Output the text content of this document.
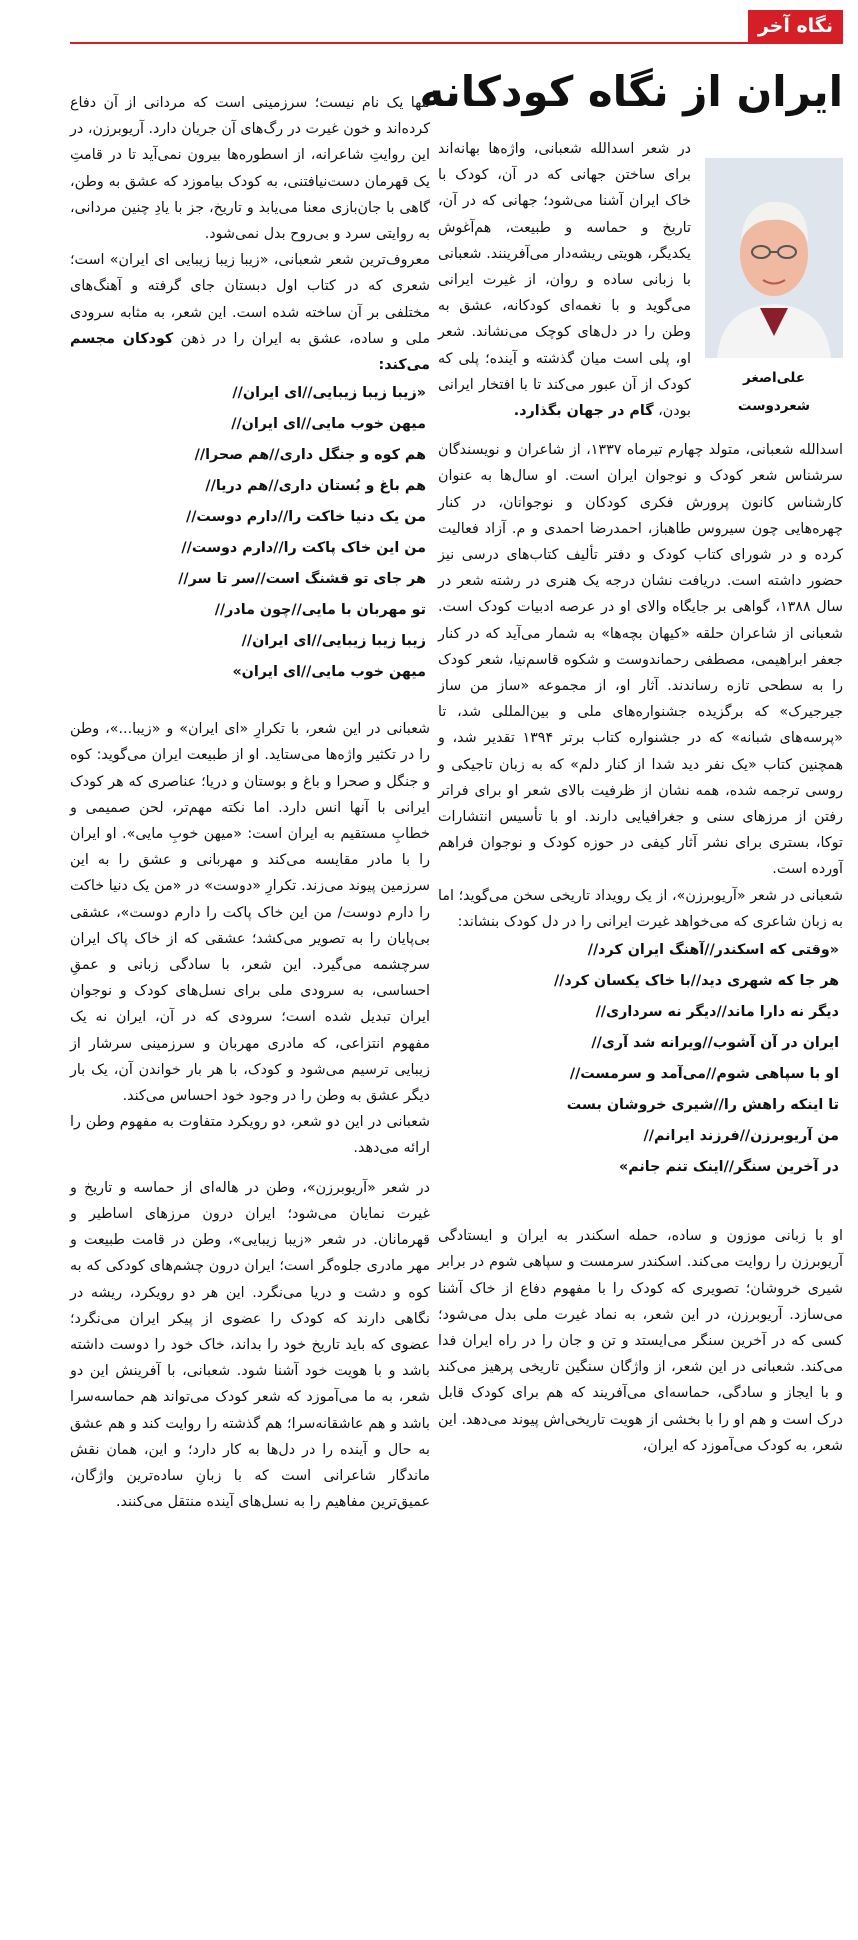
نگاه آخر
ایران از نگاه کودکانه
علی‌اصغر شعردوست

در شعر اسدالله شعبانی، واژه‌ها بهانه‌اند برای ساختن جهانی که در آن، کودک با خاک ایران آشنا می‌شود؛ جهانی که در آن، تاریخ و حماسه و طبیعت، هم‌آغوش یکدیگر، هویتی ریشه‌دار می‌آفرینند. شعبانی با زبانی ساده و روان، از غیرت ایرانی می‌گوید و با نغمه‌ای کودکانه، عشق به وطن را در دل‌های کوچک می‌نشاند. شعر او، پلی است میان گذشته و آینده؛ پلی که کودک از آن عبور می‌کند تا با افتخار ایرانی بودن، گام در جهان بگذارد.

اسدالله شعبانی، متولد چهارم تیرماه ۱۳۳۷، از شاعران و نویسندگان سرشناس شعر کودک و نوجوان ایران است. او سال‌ها به عنوان کارشناس کانون پرورش فکری کودکان و نوجوانان، در کنار چهره‌هایی چون سیروس طاهباز، احمدرضا احمدی و م. آزاد فعالیت کرده و در شورای کتاب کودک و دفتر تألیف کتاب‌های درسی نیز حضور داشته است. دریافت نشان درجه یک هنری در رشته شعر در سال ۱۳۸۸، گواهی بر جایگاه والای او در عرصه ادبیات کودک است. شعبانی از شاعران حلقه «کیهان بچه‌ها» به شمار می‌آید که در کنار جعفر ابراهیمی، مصطفی رحماندوست و شکوه قاسم‌نیا، شعر کودک را به سطحی تازه رساندند. آثار او، از مجموعه «ساز من ساز جیرجیرک» که برگزیده جشنواره‌های ملی و بین‌المللی شد، تا «پرسه‌های شبانه» که در جشنواره کتاب برتر ۱۳۹۴ تقدیر شد، و همچنین کتاب «یک نفر دید شدا از کنار دلم» که به زبان تاجیکی و روسی ترجمه شده، همه نشان از ظرفیت بالای شعر او برای فراتر رفتن از مرزهای سنی و جغرافیایی دارند. او با تأسیس انتشارات توکا، بستری برای نشر آثار کیفی در حوزه کودک و نوجوان فراهم آورده است.

شعبانی در شعر «آریوبرزن»، از یک رویداد تاریخی سخن می‌گوید؛ اما به زبان شاعری که می‌خواهد غیرت ایرانی را در دل کودک بنشاند:

«وقتی که اسکندر//آهنگ ایران کرد//
هر جا که شهری دید//با خاک یکسان کرد//
دیگر نه دارا ماند//دیگر نه سرداری//
ایران در آن آشوب//ویرانه شد آری//
او با سپاهی شوم//می‌آمد و سرمست//
تا اینکه راهش را//شیری خروشان بست
من آریوبرزن//فرزند ایرانم//
در آخرین سنگر//اینک تنم جانم»

او با زبانی موزون و ساده، حمله اسکندر به ایران و ایستادگی آریوبرزن را روایت می‌کند. اسکندر سرمست و سپاهی شوم در برابر شیری خروشان؛ تصویری که کودک را با مفهوم دفاع از خاک آشنا می‌سازد. آریوبرزن، در این شعر، به نماد غیرت ملی بدل می‌شود؛ کسی که در آخرین سنگر می‌ایستد و تن و جان را در راه ایران فدا می‌کند. شعبانی در این شعر، از واژگان سنگین تاریخی پرهیز می‌کند و با ایجاز و سادگی، حماسه‌ای می‌آفریند که هم برای کودک قابل درک است و هم او را با بخشی از هویت تاریخی‌اش پیوند می‌دهد. این شعر، به کودک می‌آموزد که ایران،

تنها یک نام نیست؛ سرزمینی است که مردانی از آن دفاع کرده‌اند و خون غیرت در رگ‌های آن جریان دارد. آریوبرزن، در این روایتِ شاعرانه، از اسطوره‌ها بیرون نمی‌آید تا در قامتِ یک قهرمان دست‌نیافتنی، به کودک بیاموزد که عشق به وطن، گاهی با جان‌بازی معنا می‌یابد و تاریخ، جز با یادِ چنین مردانی، به روایتی سرد و بی‌روح بدل نمی‌شود.

معروف‌ترین شعر شعبانی، «زیبا زیبا زیبایی ای ایران» است؛ شعری که در کتاب اول دبستان جای گرفته و آهنگ‌های مختلفی بر آن ساخته شده است. این شعر، به مثابه سرودی ملی و ساده، عشق به ایران را در ذهن کودکان مجسم می‌کند:

«زیبا زیبا زیبایی//ای ایران//
میهن خوب مایی//ای ایران//
هم کوه و جنگل داری//هم صحرا//
هم باغ و بُستان داری//هم دریا//
من یک دنیا خاکت را//دارم دوست//
من این خاک پاکت را//دارم دوست//
هر جای تو قشنگ است//سر تا سر//
تو مهربان با مایی//چون مادر//
زیبا زیبا زیبایی//ای ایران//
میهن خوب مایی//ای ایران»

شعبانی در این شعر، با تکرارِ «ای ایران» و «زیبا...»، وطن را در تکثیر واژه‌ها می‌ستاید. او از طبیعت ایران می‌گوید: کوه و جنگل و صحرا و باغ و بوستان و دریا؛ عناصری که هر کودک ایرانی با آنها انس دارد. اما نکته مهم‌تر، لحن صمیمی و خطابِ مستقیم به ایران است: «میهن خوبِ مایی». او ایران را با مادر مقایسه می‌کند و مهربانی و عشق را به این سرزمین پیوند می‌زند. تکرارِ «دوست» در «من یک دنیا خاکت را دارم دوست/ من این خاک پاکت را دارم دوست»، عشقی بی‌پایان را به تصویر می‌کشد؛ عشقی که از خاک پاک ایران سرچشمه می‌گیرد. این شعر، با سادگی زبانی و عمقِ احساسی، به سرودی ملی برای نسل‌های کودک و نوجوان ایران تبدیل شده است؛ سرودی که در آن، ایران نه یک مفهوم انتزاعی، که مادری مهربان و سرزمینی سرشار از زیبایی ترسیم می‌شود و کودک، با هر بار خواندن آن، یک بار دیگر عشق به وطن را در وجود خود احساس می‌کند.

شعبانی در این دو شعر، دو رویکرد متفاوت به مفهوم وطن را ارائه می‌دهد.

در شعر «آریوبرزن»، وطن در هاله‌ای از حماسه و تاریخ و غیرت نمایان می‌شود؛ ایران درون مرزهای اساطیر و قهرمانان. در شعر «زیبا زیبایی»، وطن در قامت طبیعت و مهر مادری جلوه‌گر است؛ ایران درون چشم‌های کودکی که به کوه و دشت و دریا می‌نگرد. این هر دو رویکرد، ریشه در نگاهی دارند که کودک را عضوی از پیکر ایران می‌نگرد؛ عضوی که باید تاریخ خود را بداند، خاک خود را دوست داشته باشد و با هویت خود آشنا شود. شعبانی، با آفرینش این دو شعر، به ما می‌آموزد که شعر کودک می‌تواند هم حماسه‌سرا باشد و هم عاشقانه‌سرا؛ هم گذشته را روایت کند و هم عشق به حال و آینده را در دل‌ها به کار دارد؛ و این، همان نقش ماندگار شاعرانی است که با زبانِ ساده‌ترین واژگان، عمیق‌ترین مفاهیم را به نسل‌های آینده منتقل می‌کنند.
